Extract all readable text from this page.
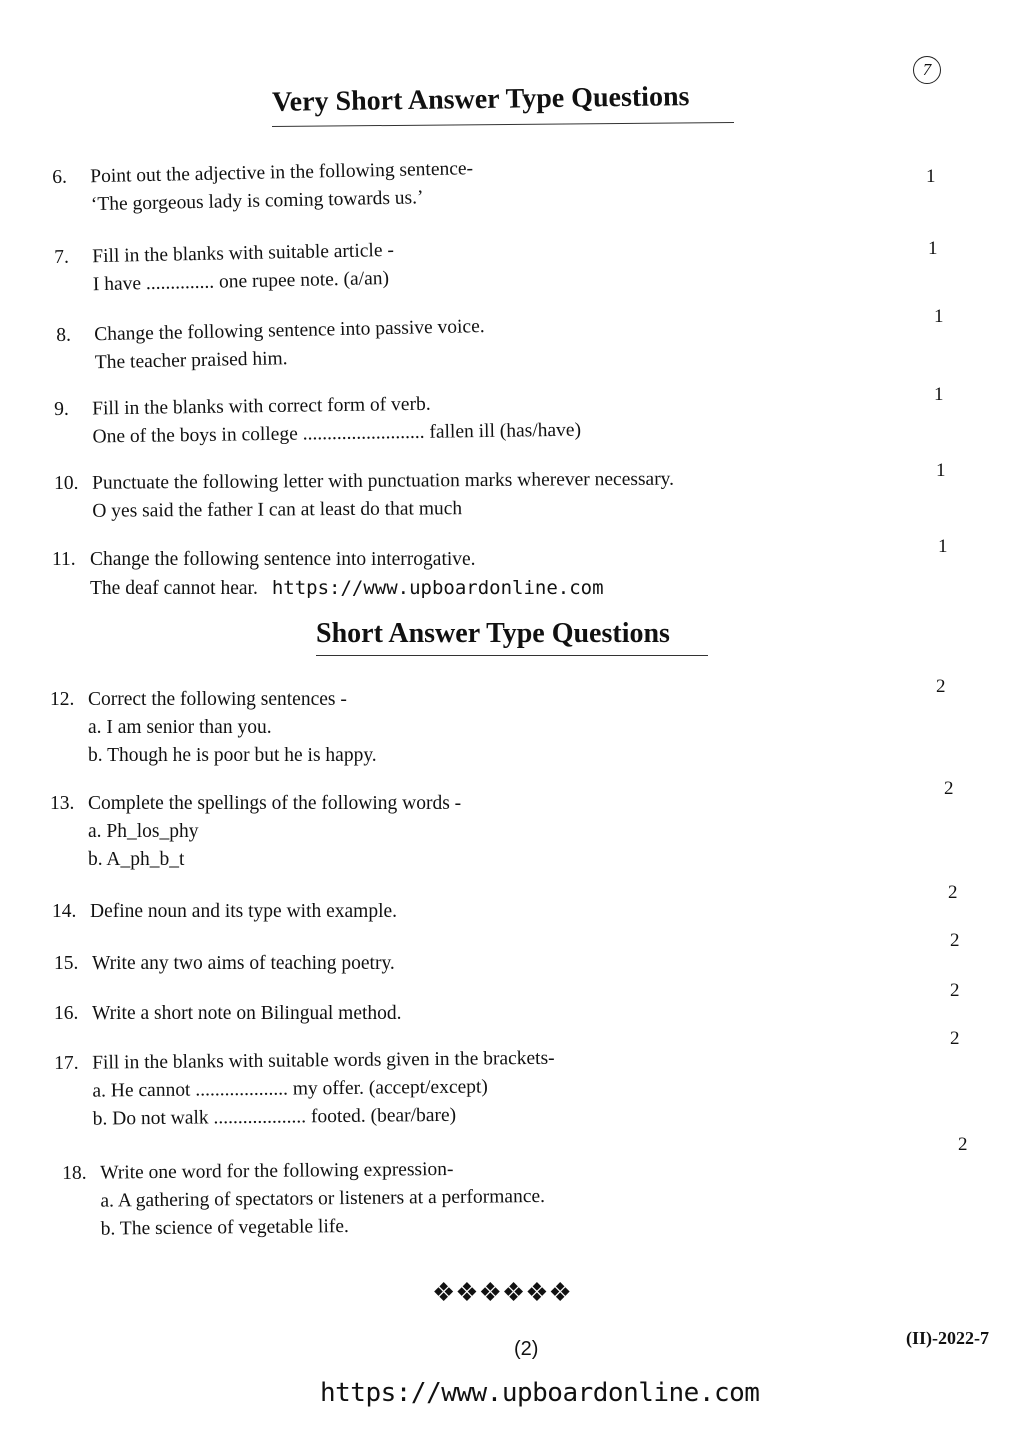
7
Very Short Answer Type Questions
6. Point out the adjective in the following sentence-
‘The gorgeous lady is coming towards us.’
1
7. Fill in the blanks with suitable article -
I have .............. one rupee note. (a/an)
1
8. Change the following sentence into passive voice.
The teacher praised him.
1
9. Fill in the blanks with correct form of verb.
One of the boys in college ......................... fallen ill (has/have)
1
10. Punctuate the following letter with punctuation marks wherever necessary.
O yes said the father I can at least do that much
1
11. Change the following sentence into interrogative.
The deaf cannot hear. https://www.upboardonline.com
1
Short Answer Type Questions
12. Correct the following sentences -
a. I am senior than you.
b. Though he is poor but he is happy.
2
13. Complete the spellings of the following words -
a. Ph_los_phy
b. A_ph_b_t
2
14. Define noun and its type with example.
2
15. Write any two aims of teaching poetry.
2
16. Write a short note on Bilingual method.
2
17. Fill in the blanks with suitable words given in the brackets-
a. He cannot ................... my offer. (accept/except)
b. Do not walk ................... footed. (bear/bare)
2
18. Write one word for the following expression-
a. A gathering of spectators or listeners at a performance.
b. The science of vegetable life.
2
❖❖❖❖❖❖
(2)	(II)-2022-7
https://www.upboardonline.com
